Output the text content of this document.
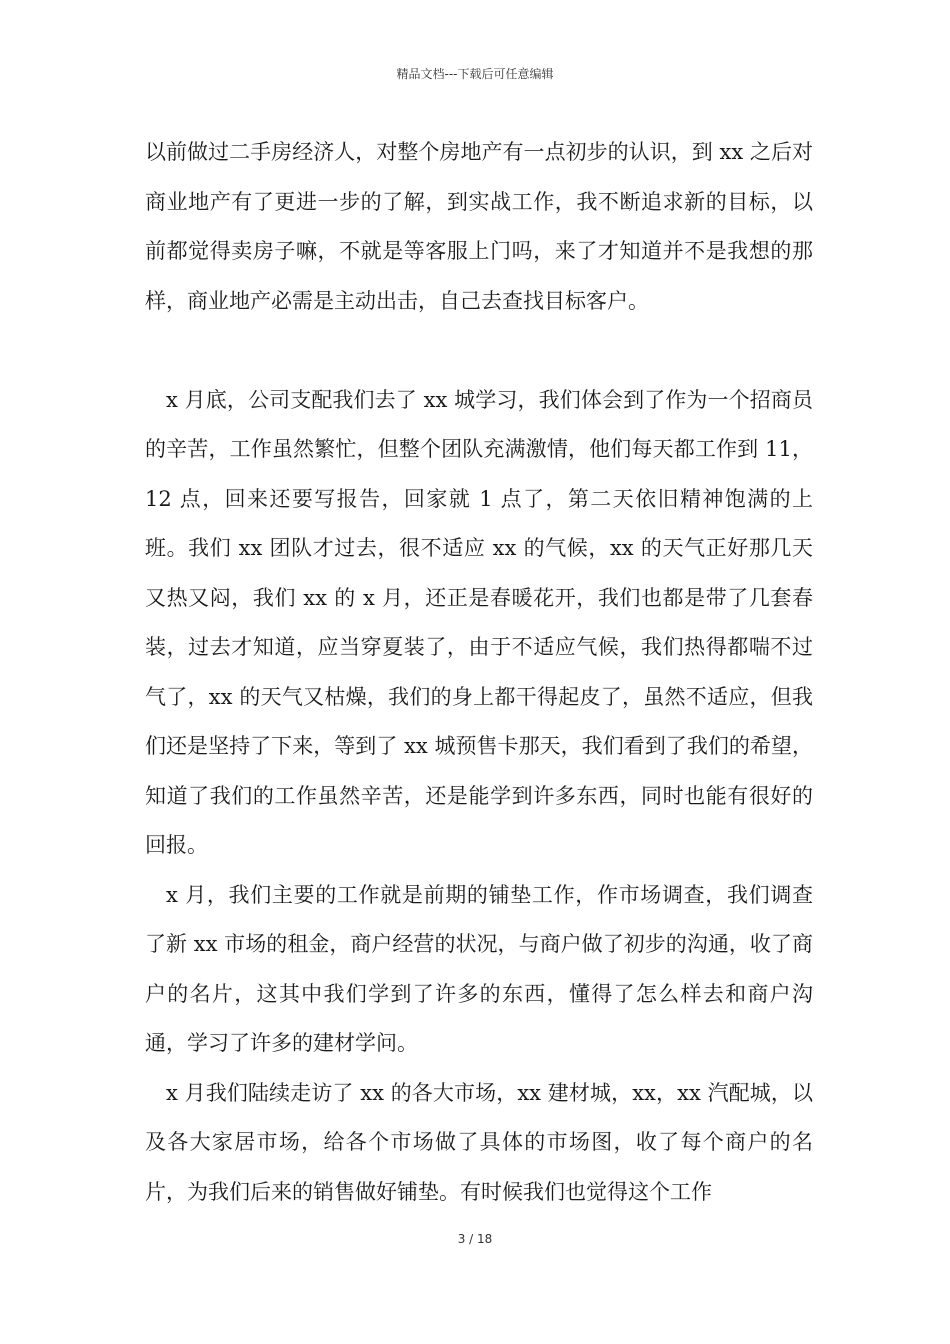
精品文档---下载后可任意编辑

以前做过二手房经济人，对整个房地产有一点初步的认识，到 xx 之后对商业地产有了更进一步的了解，到实战工作，我不断追求新的目标，以前都觉得卖房子嘛，不就是等客服上门吗，来了才知道并不是我想的那样，商业地产必需是主动出击，自己去查找目标客户。

x 月底，公司支配我们去了 xx 城学习，我们体会到了作为一个招商员的辛苦，工作虽然繁忙，但整个团队充满激情，他们每天都工作到 11，12 点，回来还要写报告，回家就 1 点了，第二天依旧精神饱满的上班。我们 xx 团队才过去，很不适应 xx 的气候，xx 的天气正好那几天又热又闷，我们 xx 的 x 月，还正是春暖花开，我们也都是带了几套春装，过去才知道，应当穿夏装了，由于不适应气候，我们热得都喘不过气了，xx 的天气又枯燥，我们的身上都干得起皮了，虽然不适应，但我们还是坚持了下来，等到了 xx 城预售卡那天，我们看到了我们的希望，知道了我们的工作虽然辛苦，还是能学到许多东西，同时也能有很好的回报。

x 月，我们主要的工作就是前期的铺垫工作，作市场调查，我们调查了新 xx 市场的租金，商户经营的状况，与商户做了初步的沟通，收了商户的名片，这其中我们学到了许多的东西，懂得了怎么样去和商户沟通，学习了许多的建材学问。

x 月我们陆续走访了 xx 的各大市场，xx 建材城，xx，xx 汽配城，以及各大家居市场，给各个市场做了具体的市场图，收了每个商户的名片，为我们后来的销售做好铺垫。有时候我们也觉得这个工作

3 / 18
